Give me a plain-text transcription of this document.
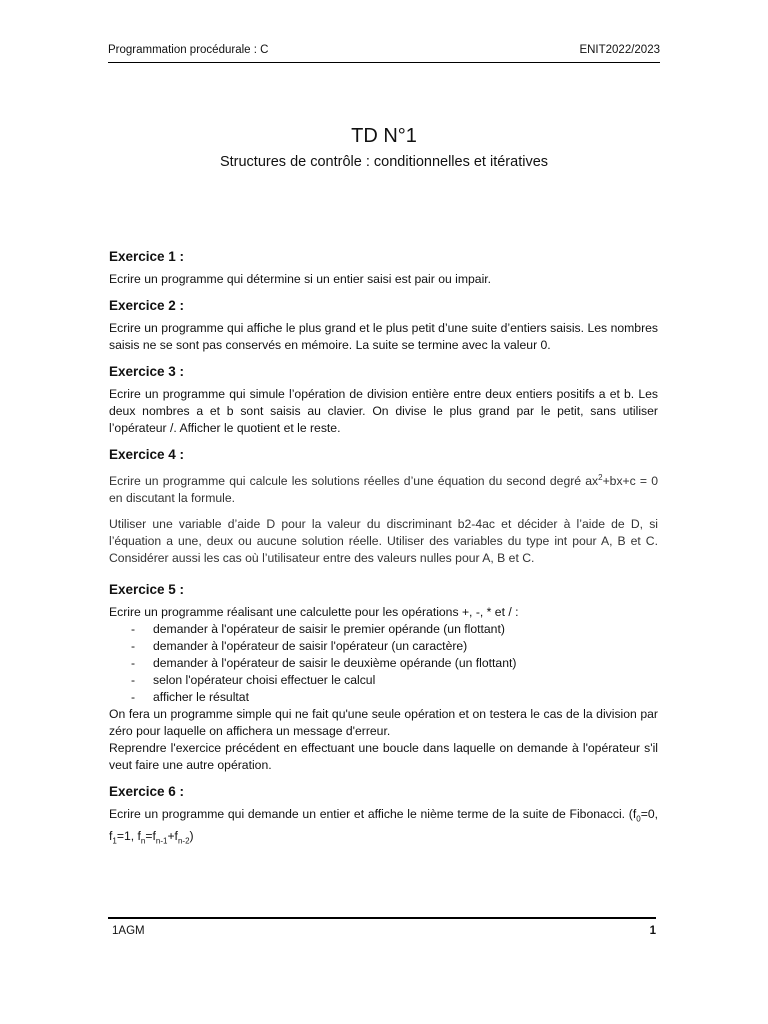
Programmation procédurale : C	ENIT2022/2023
TD N°1
Structures de contrôle : conditionnelles et itératives

Exercice 1 :

Ecrire un programme qui détermine si un entier saisi est pair ou impair.

Exercice 2 :

Ecrire un programme qui affiche le plus grand et le plus petit d’une suite d’entiers saisis. Les nombres saisis ne se sont pas conservés en mémoire. La suite se termine avec la valeur 0.

Exercice 3 :

Ecrire un programme qui simule l’opération de division entière entre deux entiers positifs a et b. Les deux nombres a et b sont saisis au clavier. On divise le plus grand par le petit, sans utiliser l’opérateur /. Afficher le quotient et le reste.

Exercice 4 :

Ecrire un programme qui calcule les solutions réelles d’une équation du second degré $ax^2+bx+c = 0$ en discutant la formule.

Utiliser une variable d’aide D pour la valeur du discriminant b2-4ac et décider à l’aide de D, si l’équation a une, deux ou aucune solution réelle. Utiliser des variables du type int pour A, B et C. Considérer aussi les cas où l’utilisateur entre des valeurs nulles pour A, B et C.

Exercice 5 :

Ecrire un programme réalisant une calculette pour les opérations +, -, * et / :

- demander à l'opérateur de saisir le premier opérande (un flottant)
- demander à l'opérateur de saisir l'opérateur (un caractère)
- demander à l'opérateur de saisir le deuxième opérande (un flottant)
- selon l'opérateur choisi effectuer le calcul
- afficher le résultat

On fera un programme simple qui ne fait qu'une seule opération et on testera le cas de la division par zéro pour laquelle on affichera un message d'erreur.

Reprendre l'exercice précédent en effectuant une boucle dans laquelle on demande à l'opérateur s'il veut faire une autre opération.

Exercice 6 :

Ecrire un programme qui demande un entier et affiche le nième terme de la suite de Fibonacci. ($f_0=0$, $f_1=1$, $f_n=f_{n-1}+f_{n-2}$)

1AGM	1
